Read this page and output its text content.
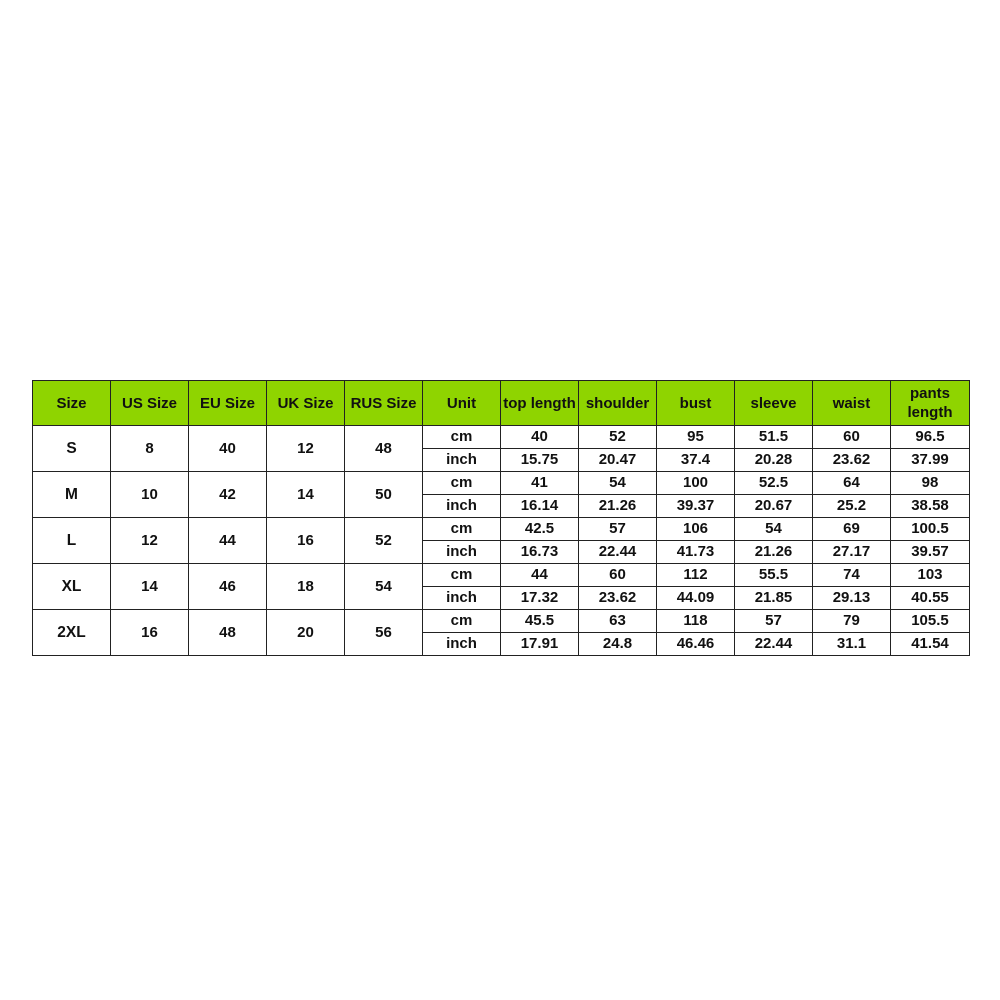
Size	US Size	EU Size	UK Size	RUS Size	Unit	top length	shoulder	bust	sleeve	waist	pants length
S	8	40	12	48	cm	40	52	95	51.5	60	96.5
					inch	15.75	20.47	37.4	20.28	23.62	37.99
M	10	42	14	50	cm	41	54	100	52.5	64	98
					inch	16.14	21.26	39.37	20.67	25.2	38.58
L	12	44	16	52	cm	42.5	57	106	54	69	100.5
					inch	16.73	22.44	41.73	21.26	27.17	39.57
XL	14	46	18	54	cm	44	60	112	55.5	74	103
					inch	17.32	23.62	44.09	21.85	29.13	40.55
2XL	16	48	20	56	cm	45.5	63	118	57	79	105.5
					inch	17.91	24.8	46.46	22.44	31.1	41.54
